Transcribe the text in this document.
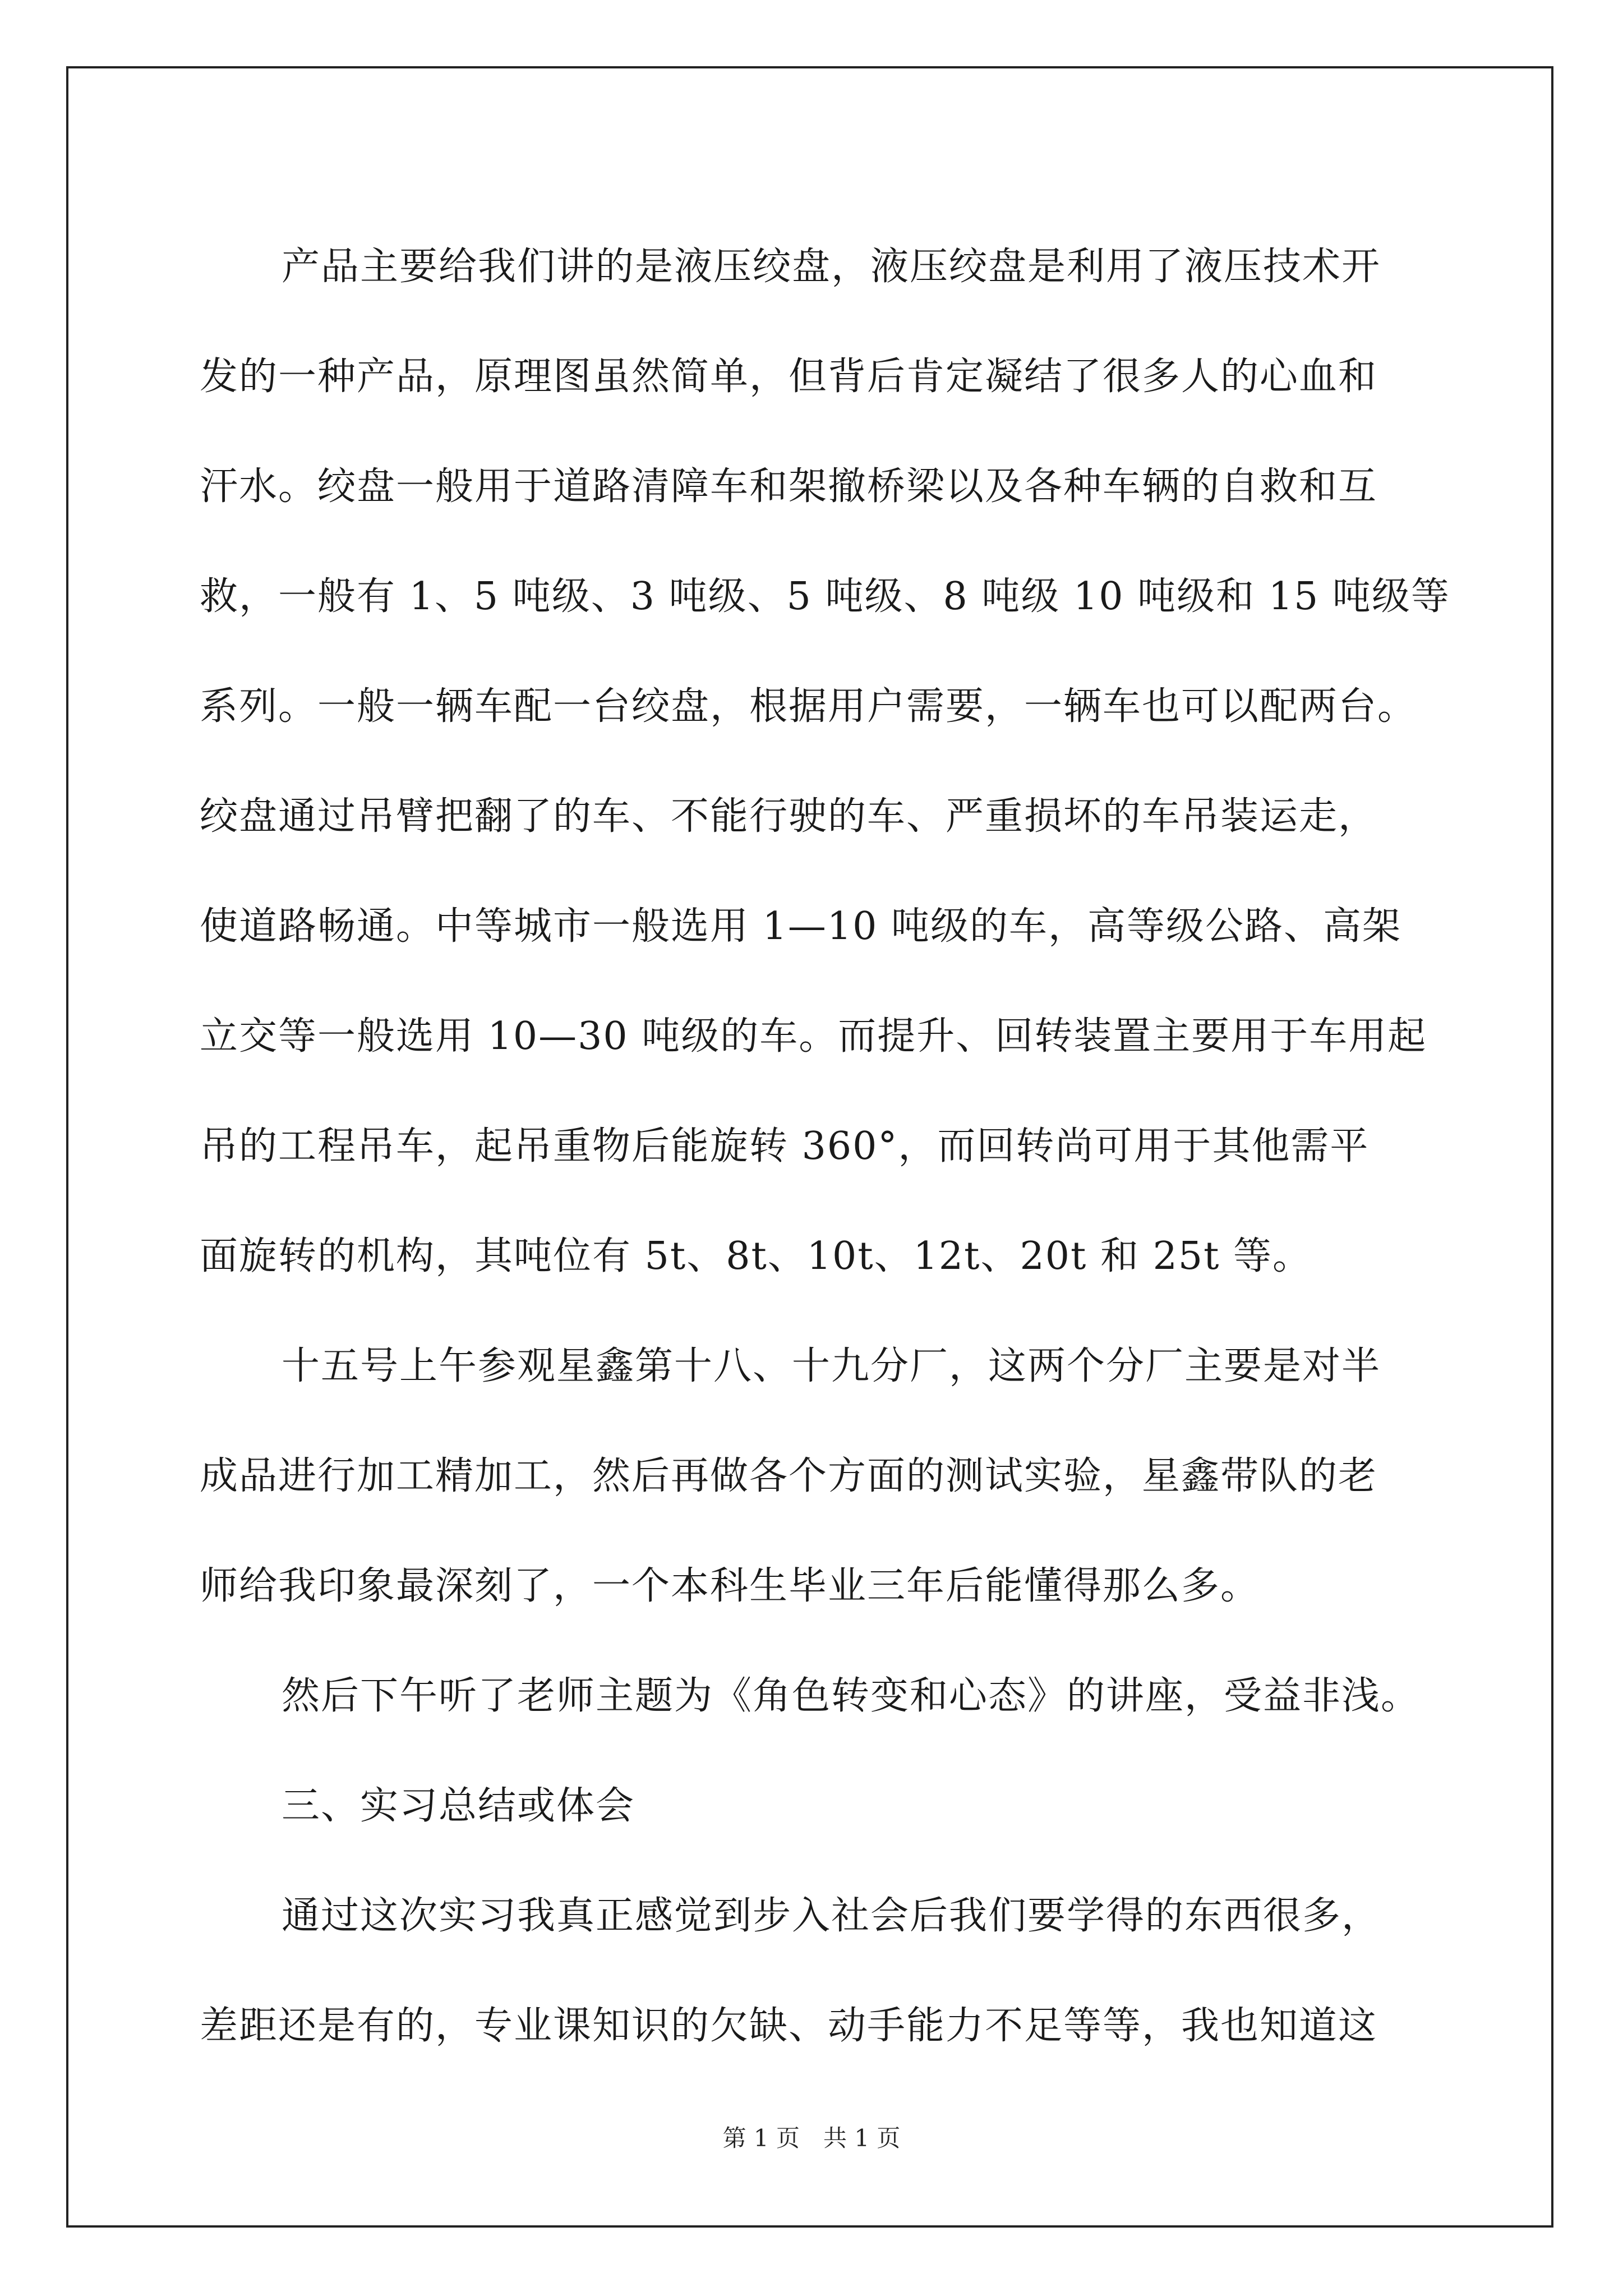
产品主要给我们讲的是液压绞盘，液压绞盘是利用了液压技术开
发的一种产品，原理图虽然简单，但背后肯定凝结了很多人的心血和
汗水。绞盘一般用于道路清障车和架撤桥梁以及各种车辆的自救和互
救，一般有 1、5 吨级、3 吨级、5 吨级、8 吨级 10 吨级和 15 吨级等
系列。一般一辆车配一台绞盘，根据用户需要，一辆车也可以配两台。
绞盘通过吊臂把翻了的车、不能行驶的车、严重损坏的车吊装运走，
使道路畅通。中等城市一般选用 1—10 吨级的车，高等级公路、高架
立交等一般选用 10—30 吨级的车。而提升、回转装置主要用于车用起
吊的工程吊车，起吊重物后能旋转 360°，而回转尚可用于其他需平
面旋转的机构，其吨位有 5t、8t、10t、12t、20t 和 25t 等。
十五号上午参观星鑫第十八、十九分厂，这两个分厂主要是对半
成品进行加工精加工，然后再做各个方面的测试实验，星鑫带队的老
师给我印象最深刻了，一个本科生毕业三年后能懂得那么多。
然后下午听了老师主题为《角色转变和心态》的讲座，受益非浅。
三、实习总结或体会
通过这次实习我真正感觉到步入社会后我们要学得的东西很多，
差距还是有的，专业课知识的欠缺、动手能力不足等等，我也知道这
第 1 页 共 1 页
